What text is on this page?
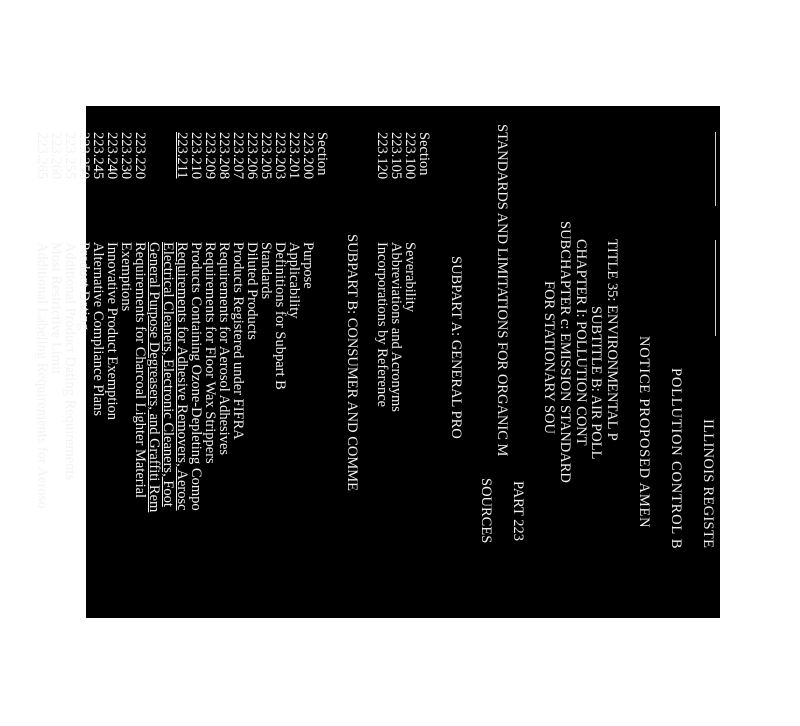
ILLINOIS REGISTE
POLLUTION CONTROL B
NOTICE PROPOSED AMEN
TITLE 35: ENVIRONMENTAL P
SUBTITLE B: AIR POLL
CHAPTER I: POLLUTION CONT
SUBCHAPTER c: EMISSION STANDARD
FOR STATIONARY SOU
PART 223
STANDARDS AND LIMITATIONS FOR ORGANIC M
SOURCES
SUBPART A: GENERAL PRO
Section
223.100
Severability
223.105
Abbreviations and Acronyms
223.120
Incorporations by Reference
SUBPART B: CONSUMER AND COMME
Section
223.200
Purpose
223.201
Applicability
223.203
Definitions for Subpart B
223.205
Standards
223.206
Diluted Products
223.207
Products Registered under FIFRA
223.208
Requirements for Aerosol Adhesives
223.209
Requirements for Floor Wax Strippers
223.210
Products Containing Ozone-Depleting Compo
223.211
Requirements for Adhesive Removers, Aerosc
Electrical Cleaners, Electronic Cleaners, Foot
General Purpose Degreasers, and Graffiti Rem
223.220
Requirements for Charcoal Lighter Material
223.230
Exemptions
223.240
Innovative Product Exemption
223.245
Alternative Compliance Plans
223.250
Product Dating
223.255
Additional Product Dating Requirements
223.260
Most Restrictive Limit
223.265
Additional Labeling Requirements for Aeroso
